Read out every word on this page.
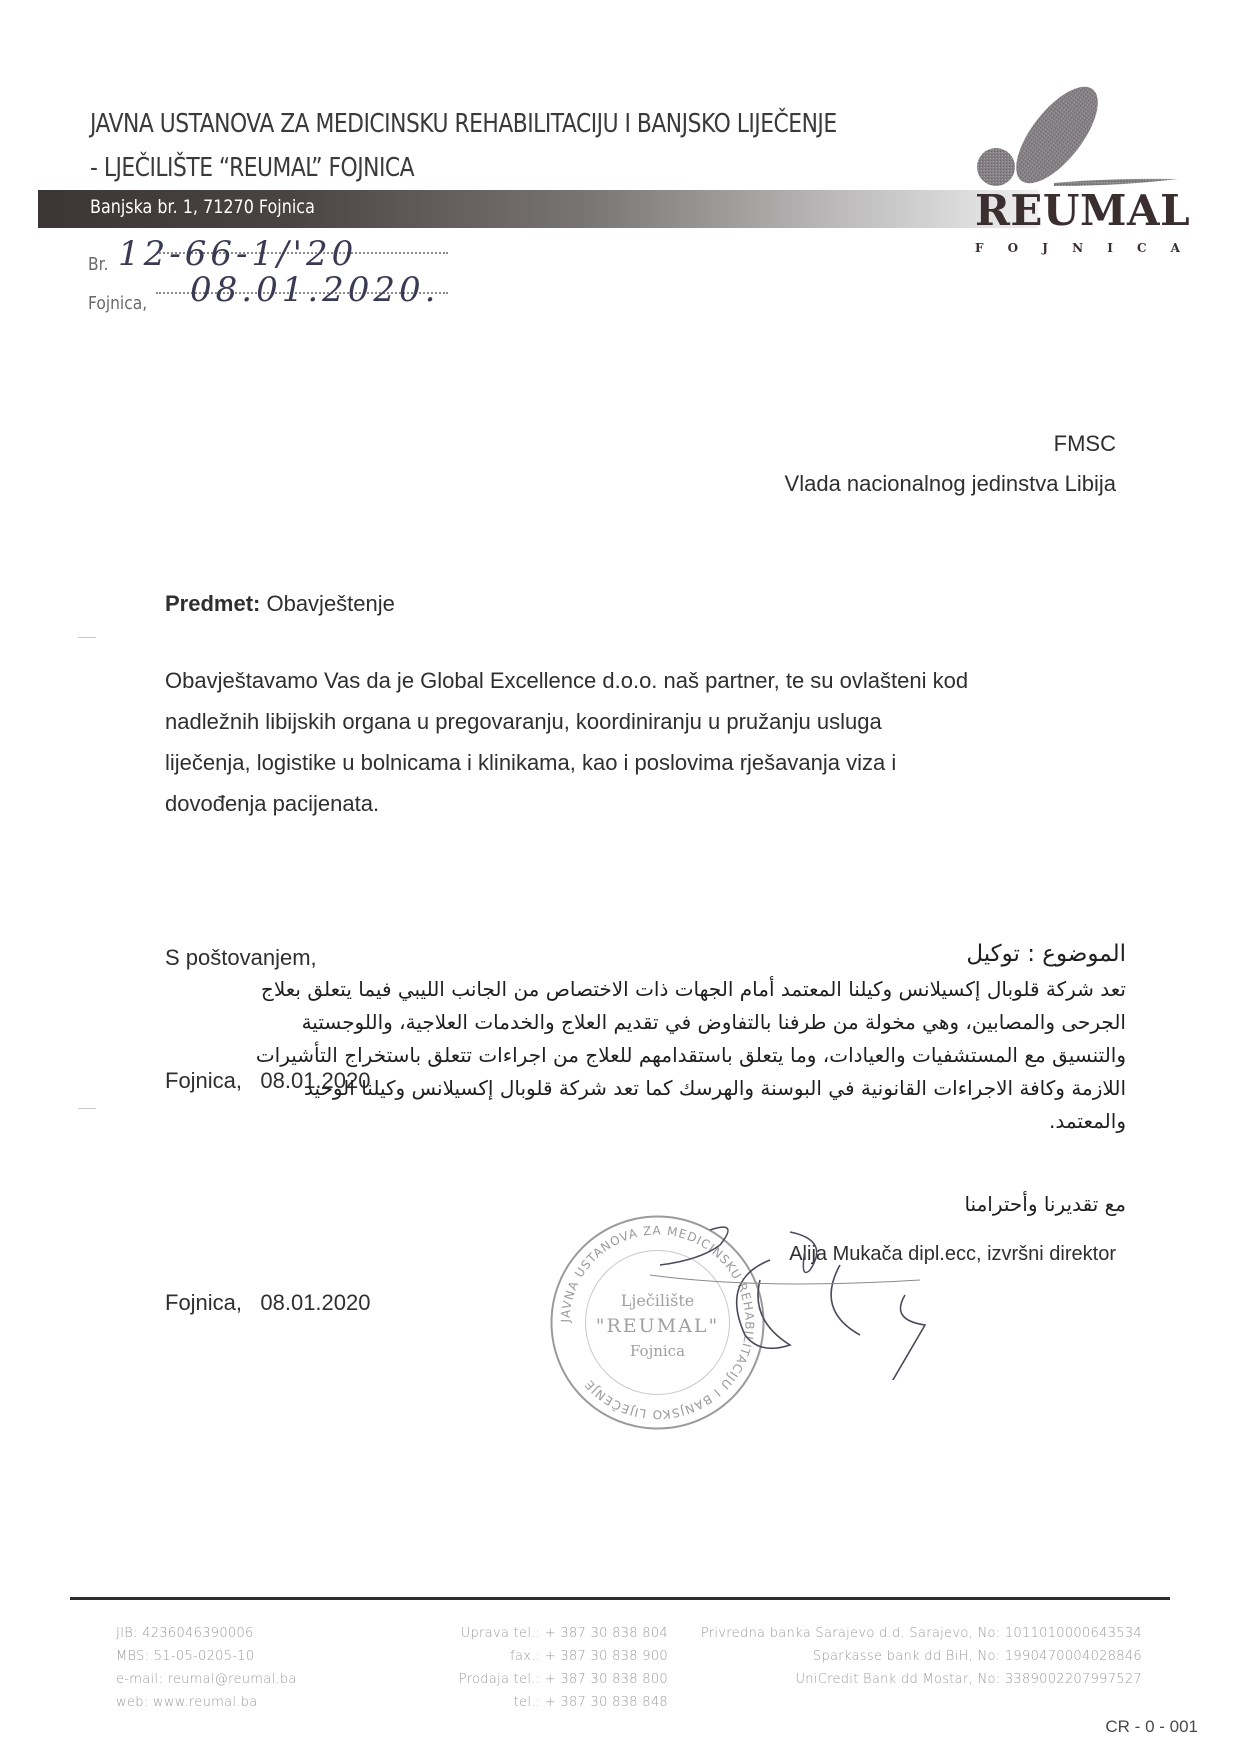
JAVNA USTANOVA ZA MEDICINSKU REHABILITACIJU I BANJSKO LIJEČENJE
- LJEČILIŠTE “REUMAL” FOJNICA
Banjska br. 1, 71270 Fojnica	REUMAL
F O J N I C A
Br. 12-66-1/'20
Fojnica, 08.01.2020.
FMSC
Vlada nacionalnog jedinstva Libija
Predmet: Obavještenje
Obavještavamo Vas da je Global Excellence d.o.o. naš partner, te su ovlašteni kod
nadležnih libijskih organa u pregovaranju, koordiniranju u pružanju usluga
liječenja, logistike u bolnicama i klinikama, kao i poslovima rješavanja viza i
dovođenja pacijenata.

S poštovanjem,

Fojnica,   08.01.2020

الموضوع : توكيل
تعد شركة قلوبال إكسيلانس وكيلنا المعتمد أمام الجهات ذات الاختصاص من الجانب الليبي فيما يتعلق بعلاج
الجرحى والمصابين، وهي مخولة من طرفنا بالتفاوض في تقديم العلاج والخدمات العلاجية، واللوجستية
والتنسيق مع المستشفيات والعيادات، وما يتعلق باستقدامهم للعلاج من اجراءات تتعلق باستخراج التأشيرات
اللازمة وكافة الاجراءات القانونية في البوسنة والهرسك كما تعد شركة قلوبال إكسيلانس وكيلنا الوحيد
والمعتمد.
مع تقديرنا وأحترامنا
JAVNA USTANOVA ZA MEDICINSKU REHABILITACIJU I BANJSKO LIJEČENJE
Lječilište
"REUMAL"
Fojnica
Fojnica,   08.01.2020
Alija Mukača dipl.ecc, izvršni direktor
JIB: 4236046390006
MBS: 51-05-0205-10
e-mail: reumal@reumal.ba
web: www.reumal.ba
Uprava tel.: + 387 30 838 804
fax.: + 387 30 838 900
Prodaja tel.: + 387 30 838 800
tel.: + 387 30 838 848
Privredna banka Sarajevo d.d. Sarajevo, No: 1011010000643534
Sparkasse bank dd BiH, No: 1990470004028846
UniCredit Bank dd Mostar, No: 3389002207997527
CR - 0 - 001
